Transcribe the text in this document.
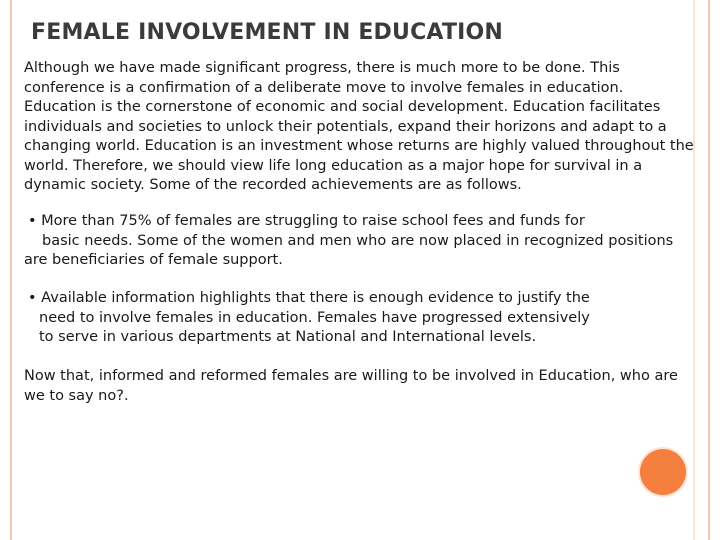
FEMALE INVOLVEMENT IN EDUCATION

Although we have made significant progress, there is much more to be done. This conference is a confirmation of a deliberate move to involve females in education. Education is the cornerstone of economic and social development. Education facilitates individuals and societies to unlock their potentials, expand their horizons and adapt to a changing world. Education is an investment whose returns are highly valued throughout the world. Therefore, we should view life long education as a major hope for survival in a dynamic society. Some of the recorded achievements are as follows.

• More than 75% of females are struggling to raise school fees and funds for
basic needs. Some of the women and men who are now placed in recognized positions
are beneficiaries of female support.

• Available information highlights that there is enough evidence to justify the
need to involve females in education. Females have progressed extensively
to serve in various departments at National and International levels.

Now that, informed and reformed females are willing to be involved in Education, who are we to say no?.
